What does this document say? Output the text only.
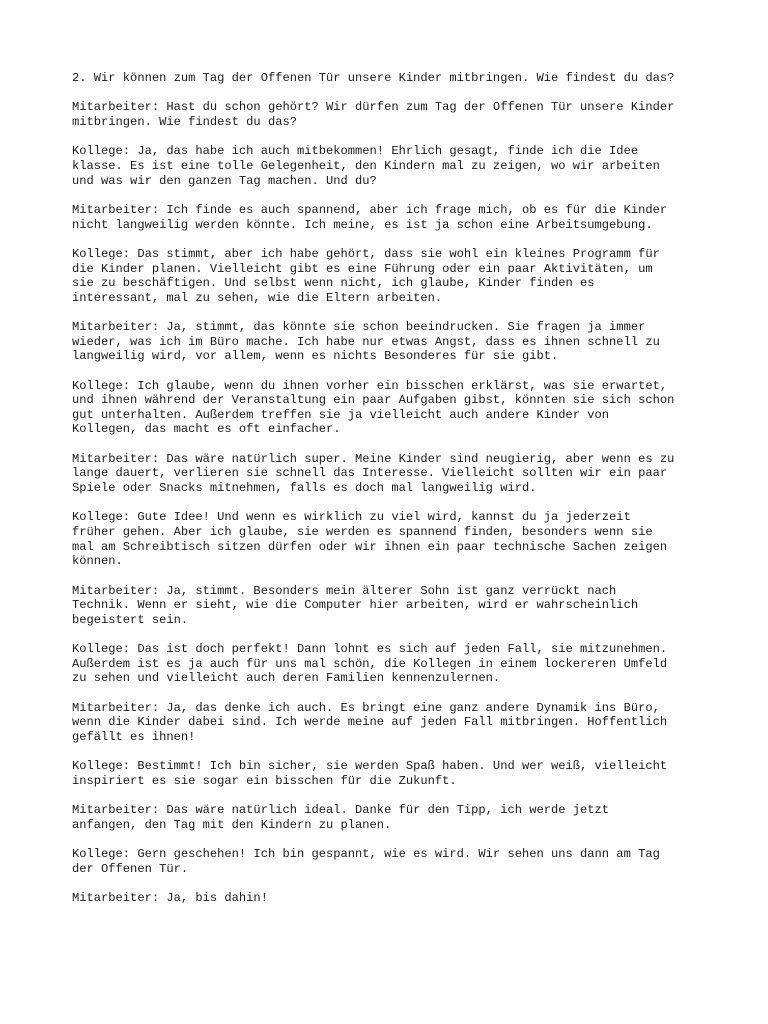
2. Wir können zum Tag der Offenen Tür unsere Kinder mitbringen. Wie findest du das?

Mitarbeiter: Hast du schon gehört? Wir dürfen zum Tag der Offenen Tür unsere Kinder
mitbringen. Wie findest du das?

Kollege: Ja, das habe ich auch mitbekommen! Ehrlich gesagt, finde ich die Idee
klasse. Es ist eine tolle Gelegenheit, den Kindern mal zu zeigen, wo wir arbeiten
und was wir den ganzen Tag machen. Und du?

Mitarbeiter: Ich finde es auch spannend, aber ich frage mich, ob es für die Kinder
nicht langweilig werden könnte. Ich meine, es ist ja schon eine Arbeitsumgebung.

Kollege: Das stimmt, aber ich habe gehört, dass sie wohl ein kleines Programm für
die Kinder planen. Vielleicht gibt es eine Führung oder ein paar Aktivitäten, um
sie zu beschäftigen. Und selbst wenn nicht, ich glaube, Kinder finden es
interessant, mal zu sehen, wie die Eltern arbeiten.

Mitarbeiter: Ja, stimmt, das könnte sie schon beeindrucken. Sie fragen ja immer
wieder, was ich im Büro mache. Ich habe nur etwas Angst, dass es ihnen schnell zu
langweilig wird, vor allem, wenn es nichts Besonderes für sie gibt.

Kollege: Ich glaube, wenn du ihnen vorher ein bisschen erklärst, was sie erwartet,
und ihnen während der Veranstaltung ein paar Aufgaben gibst, könnten sie sich schon
gut unterhalten. Außerdem treffen sie ja vielleicht auch andere Kinder von
Kollegen, das macht es oft einfacher.

Mitarbeiter: Das wäre natürlich super. Meine Kinder sind neugierig, aber wenn es zu
lange dauert, verlieren sie schnell das Interesse. Vielleicht sollten wir ein paar
Spiele oder Snacks mitnehmen, falls es doch mal langweilig wird.

Kollege: Gute Idee! Und wenn es wirklich zu viel wird, kannst du ja jederzeit
früher gehen. Aber ich glaube, sie werden es spannend finden, besonders wenn sie
mal am Schreibtisch sitzen dürfen oder wir ihnen ein paar technische Sachen zeigen
können.

Mitarbeiter: Ja, stimmt. Besonders mein älterer Sohn ist ganz verrückt nach
Technik. Wenn er sieht, wie die Computer hier arbeiten, wird er wahrscheinlich
begeistert sein.

Kollege: Das ist doch perfekt! Dann lohnt es sich auf jeden Fall, sie mitzunehmen.
Außerdem ist es ja auch für uns mal schön, die Kollegen in einem lockereren Umfeld
zu sehen und vielleicht auch deren Familien kennenzulernen.

Mitarbeiter: Ja, das denke ich auch. Es bringt eine ganz andere Dynamik ins Büro,
wenn die Kinder dabei sind. Ich werde meine auf jeden Fall mitbringen. Hoffentlich
gefällt es ihnen!

Kollege: Bestimmt! Ich bin sicher, sie werden Spaß haben. Und wer weiß, vielleicht
inspiriert es sie sogar ein bisschen für die Zukunft.

Mitarbeiter: Das wäre natürlich ideal. Danke für den Tipp, ich werde jetzt
anfangen, den Tag mit den Kindern zu planen.

Kollege: Gern geschehen! Ich bin gespannt, wie es wird. Wir sehen uns dann am Tag
der Offenen Tür.

Mitarbeiter: Ja, bis dahin!
